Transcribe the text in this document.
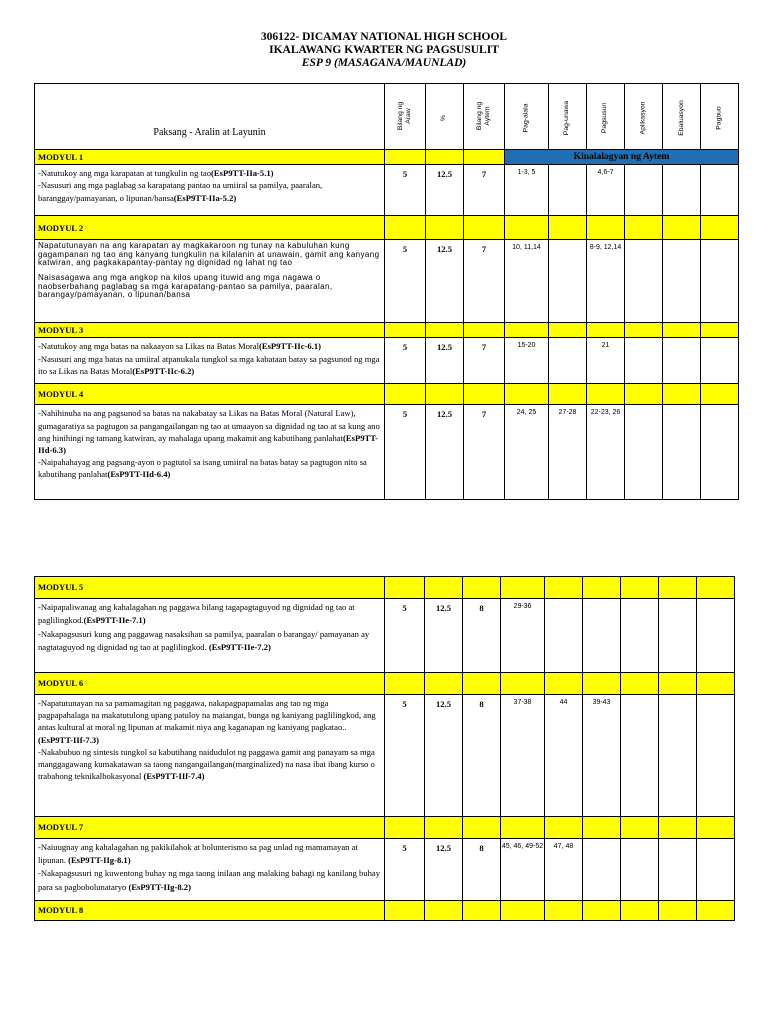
306122- DICAMAY NATIONAL HIGH SCHOOL
IKALAWANG KWARTER NG PAGSUSULIT
ESP 9 (MASAGANA/MAUNLAD)
Paksang - Aralin at Layunin	Bilang ng Araw	%	Bilang ng Aytem	Pag-alala	Pag-unawa	Pagsusuri	Aplikasyon	Ebaluasyon	Pagbuo
MODYUL 1				Kinalalagyan ng Aytem					

-Natutukoy ang mga karapatan at tungkulin ng tao(EsP9TT-IIa-5.1)

-Nasusuri ang mga paglabag sa karapatang pantao na umiiral sa pamilya, paaralan, baranggay/pamayanan, o lipunan/bansa(EsP9TT-IIa-5.2)	5	12.5	7	1-3, 5		4,6-7			
MODYUL 2									

Napatutunayan na ang karapatan ay magkakaroon ng tunay na kabuluhan kung gagampanan ng tao ang kanyang tungkulin na kilalanin at unawain, gamit ang kanyang katwiran, ang pagkakapantay-pantay ng dignidad ng lahat ng tao

Naisasagawa ang mga angkop na kilos upang ituwid ang mga nagawa o naobserbahang paglabag sa mga karapatang-pantao sa pamilya, paaralan, barangay/pamayanan, o lipunan/bansa	5	12.5	7	10, 11,14		8-9, 12,14			
MODYUL 3									

-Natutukoy ang mga batas na nakaayon sa Likas na Batas Moral(EsP9TT-IIc-6.1)

-Nasusuri ang mga batas na umiiral atpanukala tungkol sa mga kabataan batay sa pagsunod ng mga ito sa Likas na Batas Moral(EsP9TT-IIc-6.2)	5	12.5	7	15-20		21			
MODYUL 4									

-Nahihinuha na ang pagsunod sa batas na nakabatay sa Likas na Batas Moral (Natural Law), gumagaratiya sa pagtugon sa pangangailangan ng tao at umaayon sa dignidad ng tao at sa kung ano ang hinihingi ng tamang katwiran, ay mahalaga upang makamit ang kabutihang panlahat(EsP9TT-IId-6.3)

-Naipahahayag ang pagsang-ayon o pagtutol sa isang umiiral na batas batay sa pagtugon nito sa kabutihang panlahat(EsP9TT-IId-6.4)	5	12.5	7	24, 25	27-28	22-23, 26			
MODYUL 5									

-Naipapaliwanag ang kahalagahan ng paggawa bilang tagapagtaguyod ng dignidad ng tao at paglilingkod.(EsP9TT-IIe-7.1)

-Nakapagsusuri kung ang paggawag nasaksihan sa pamilya, paaralan o barangay/ pamayanan ay nagtataguyod ng dignidad ng tao at paglilingkod. (EsP9TT-IIe-7.2)	5	12.5	8	29-36					
MODYUL 6									

-Napatutunayan na sa pamamagitan ng paggawa, nakapagpapamalas ang tao ng mga pagpapahalaga na makatutulong upang patuloy na maiangat, bunga ng kaniyang paglilingkod, ang antas kultural at moral ng lipunan at makamit niya ang kaganapan ng kaniyang pagkatao..(EsP9TT-IIf-7.3)

-Nakabubuo ng sintesis tungkol sa kabutihang naidudulot ng paggawa gamit ang panayam sa mga manggagawang kumakatawan sa taong nangangailangan(marginalized) na nasa ibat ibang kurso o trabahong teknikalbokasyonal (EsP9TT-IIf-7.4)	5	12.5	8	37-38	44	39-43			
MODYUL 7									

-Naiuugnay ang kahalagahan ng pakikilahok at bolunterismo sa pag unlad ng mamamayan at lipunan. (EsP9TT-IIg-8.1)

-Nakapagsusuri ng kuwentong buhay ng mga taong inilaan ang malaking bahagi ng kanilang buhay para sa pagbobolunataryo (EsP9TT-IIg-8.2)	5	12.5	8	45, 46, 49-52	47, 48				
MODYUL 8									
